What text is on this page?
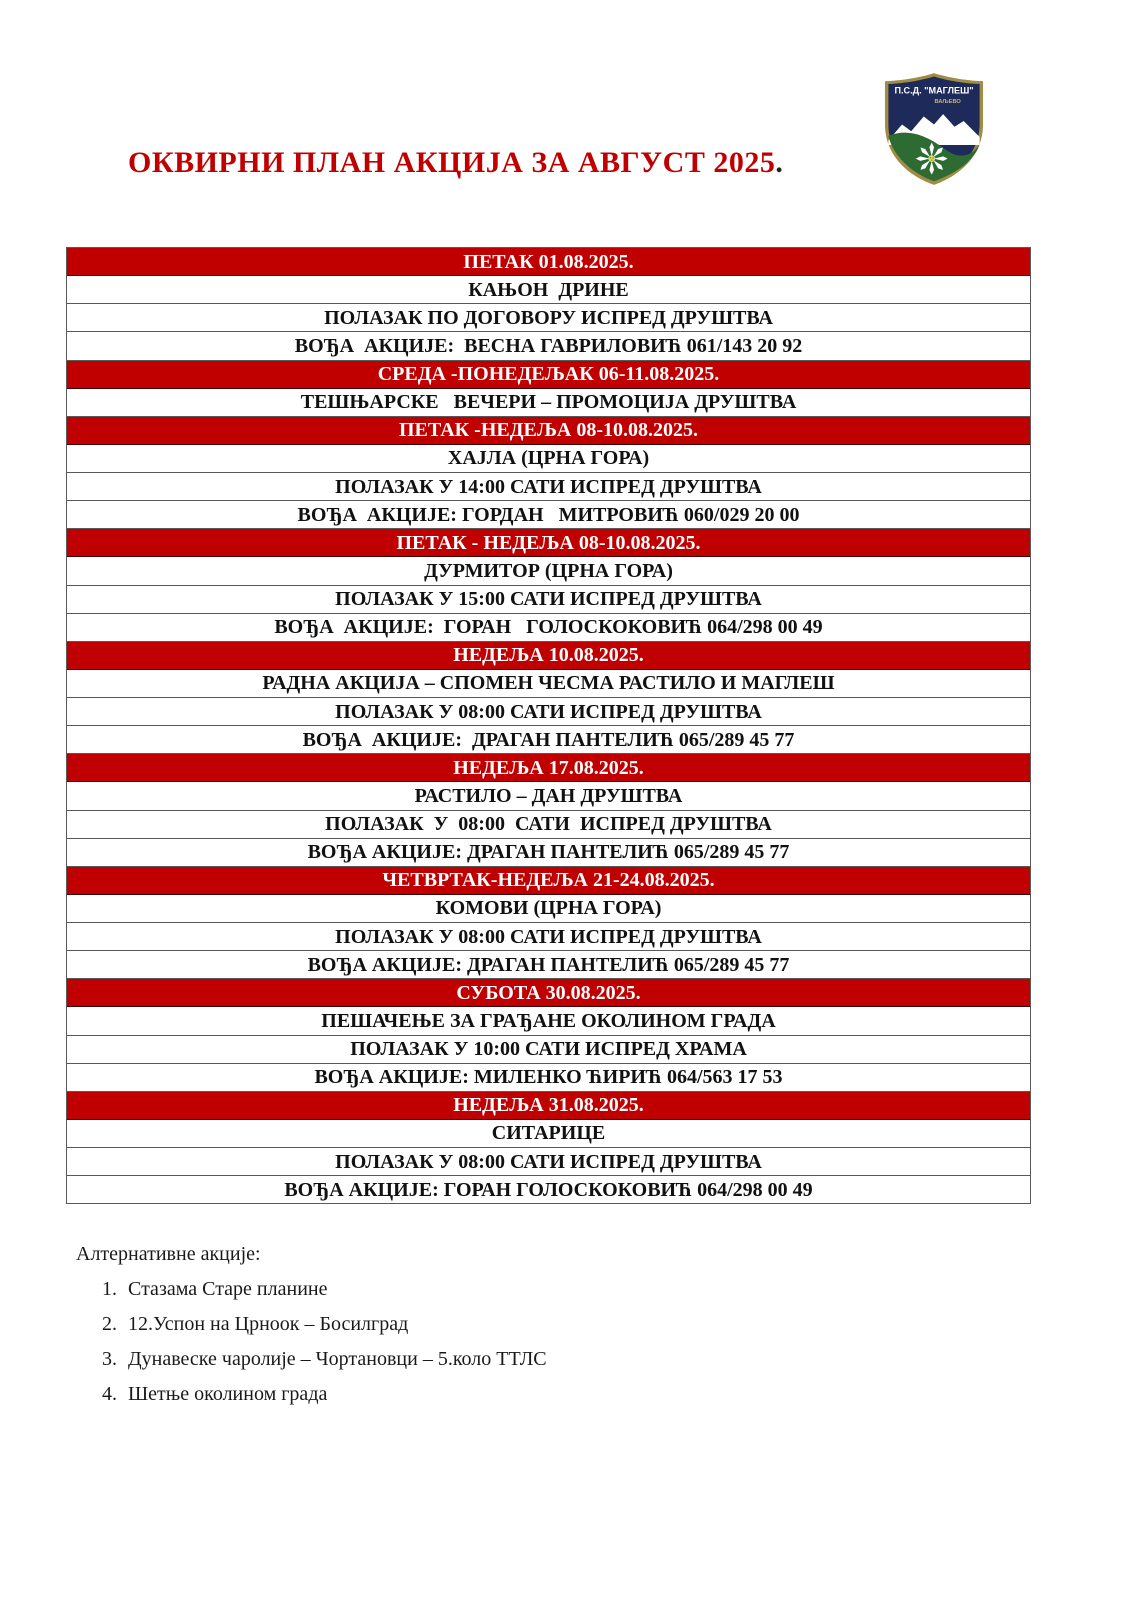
ОКВИРНИ ПЛАН АКЦИЈА ЗА АВГУСТ 2025.
П.С.Д. "МАГЛЕШ"
ВАЉЕВО
ПЕТАК 01.08.2025.
КАЊОН  ДРИНЕ
ПОЛАЗАК ПО ДОГОВОРУ ИСПРЕД ДРУШТВА
ВОЂА  АКЦИЈЕ:  ВЕСНА ГАВРИЛОВИЋ 061/143 20 92
СРЕДА -ПОНЕДЕЉАК 06-11.08.2025.
ТЕШЊАРСКЕ   ВЕЧЕРИ – ПРОМОЦИЈА ДРУШТВА
ПЕТАК -НЕДЕЉА 08-10.08.2025.
ХАЈЛА (ЦРНА ГОРА)
ПОЛАЗАК У 14:00 САТИ ИСПРЕД ДРУШТВА
ВОЂА  АКЦИЈЕ: ГОРДАН   МИТРОВИЋ 060/029 20 00
ПЕТАК - НЕДЕЉА 08-10.08.2025.
ДУРМИТОР (ЦРНА ГОРА)
ПОЛАЗАК У 15:00 САТИ ИСПРЕД ДРУШТВА
ВОЂА  АКЦИЈЕ:  ГОРАН   ГОЛОСКОКОВИЋ 064/298 00 49
НЕДЕЉА 10.08.2025.
РАДНА АКЦИЈА – СПОМЕН ЧЕСМА РАСТИЛО И МАГЛЕШ
ПОЛАЗАК У 08:00 САТИ ИСПРЕД ДРУШТВА
ВОЂА  АКЦИЈЕ:  ДРАГАН ПАНТЕЛИЋ 065/289 45 77
НЕДЕЉА 17.08.2025.
РАСТИЛО – ДАН ДРУШТВА
ПОЛАЗАК  У  08:00  САТИ  ИСПРЕД ДРУШТВА
ВОЂА АКЦИЈЕ: ДРАГАН ПАНТЕЛИЋ 065/289 45 77
ЧЕТВРТАК-НЕДЕЉА 21-24.08.2025.
КОМОВИ (ЦРНА ГОРА)
ПОЛАЗАК У 08:00 САТИ ИСПРЕД ДРУШТВА
ВОЂА АКЦИЈЕ: ДРАГАН ПАНТЕЛИЋ 065/289 45 77
СУБОТА 30.08.2025.
ПЕШАЧЕЊЕ ЗА ГРАЂАНЕ ОКОЛИНОМ ГРАДА
ПОЛАЗАК У 10:00 САТИ ИСПРЕД ХРАМА
ВОЂА АКЦИЈЕ: МИЛЕНКО ЋИРИЋ 064/563 17 53
НЕДЕЉА 31.08.2025.
СИТАРИЦЕ
ПОЛАЗАК У 08:00 САТИ ИСПРЕД ДРУШТВА
ВОЂА АКЦИЈЕ: ГОРАН ГОЛОСКОКОВИЋ 064/298 00 49
Алтернативне акције:
1. Стазама Старе планине
2. 12.Успон на Црноок – Босилград
3. Дунавеске чаролије – Чортановци – 5.коло ТТЛС
4. Шетње околином града
